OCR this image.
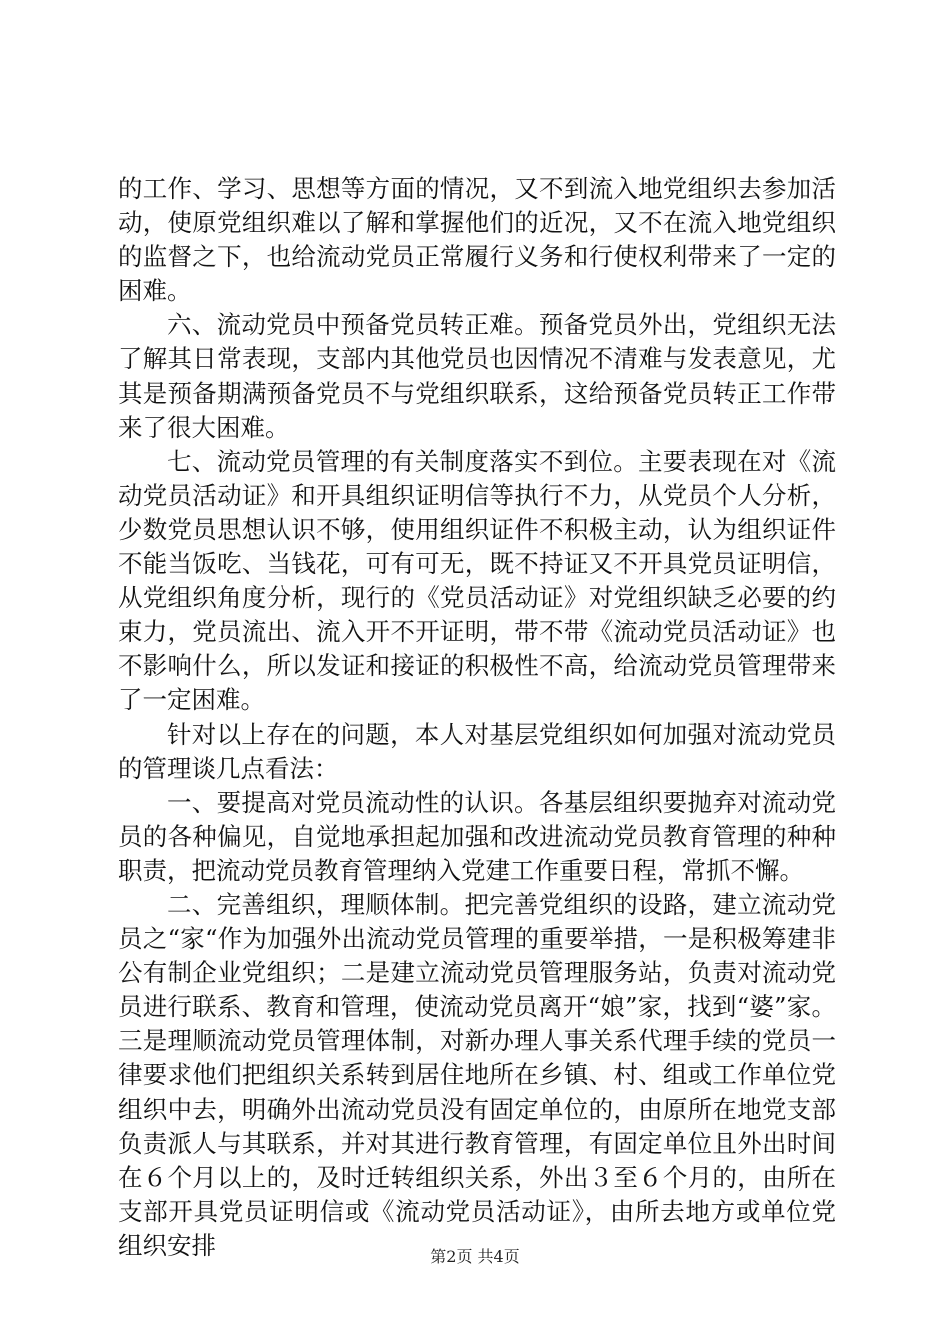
的工作、学习、思想等方面的情况，又不到流入地党组织去参加活动，使原党组织难以了解和掌握他们的近况，又不在流入地党组织的监督之下，也给流动党员正常履行义务和行使权利带来了一定的困难。

六、流动党员中预备党员转正难。预备党员外出，党组织无法了解其日常表现，支部内其他党员也因情况不清难与发表意见，尤其是预备期满预备党员不与党组织联系，这给预备党员转正工作带来了很大困难。

七、流动党员管理的有关制度落实不到位。主要表现在对《流动党员活动证》和开具组织证明信等执行不力，从党员个人分析，少数党员思想认识不够，使用组织证件不积极主动，认为组织证件不能当饭吃、当钱花，可有可无，既不持证又不开具党员证明信，从党组织角度分析，现行的《党员活动证》对党组织缺乏必要的约束力，党员流出、流入开不开证明，带不带《流动党员活动证》也不影响什么，所以发证和接证的积极性不高，给流动党员管理带来了一定困难。

针对以上存在的问题，本人对基层党组织如何加强对流动党员的管理谈几点看法：

一、要提高对党员流动性的认识。各基层组织要抛弃对流动党员的各种偏见，自觉地承担起加强和改进流动党员教育管理的种种职责，把流动党员教育管理纳入党建工作重要日程，常抓不懈。

二、完善组织，理顺体制。把完善党组织的设路，建立流动党员之“家“作为加强外出流动党员管理的重要举措，一是积极筹建非公有制企业党组织；二是建立流动党员管理服务站，负责对流动党员进行联系、教育和管理，使流动党员离开“娘”家，找到“婆”家。三是理顺流动党员管理体制，对新办理人事关系代理手续的党员一律要求他们把组织关系转到居住地所在乡镇、村、组或工作单位党组织中去，明确外出流动党员没有固定单位的，由原所在地党支部负责派人与其联系，并对其进行教育管理，有固定单位且外出时间在６个月以上的，及时迁转组织关系，外出３至６个月的，由所在支部开具党员证明信或《流动党员活动证》，由所去地方或单位党组织安排	第2页 共4页
